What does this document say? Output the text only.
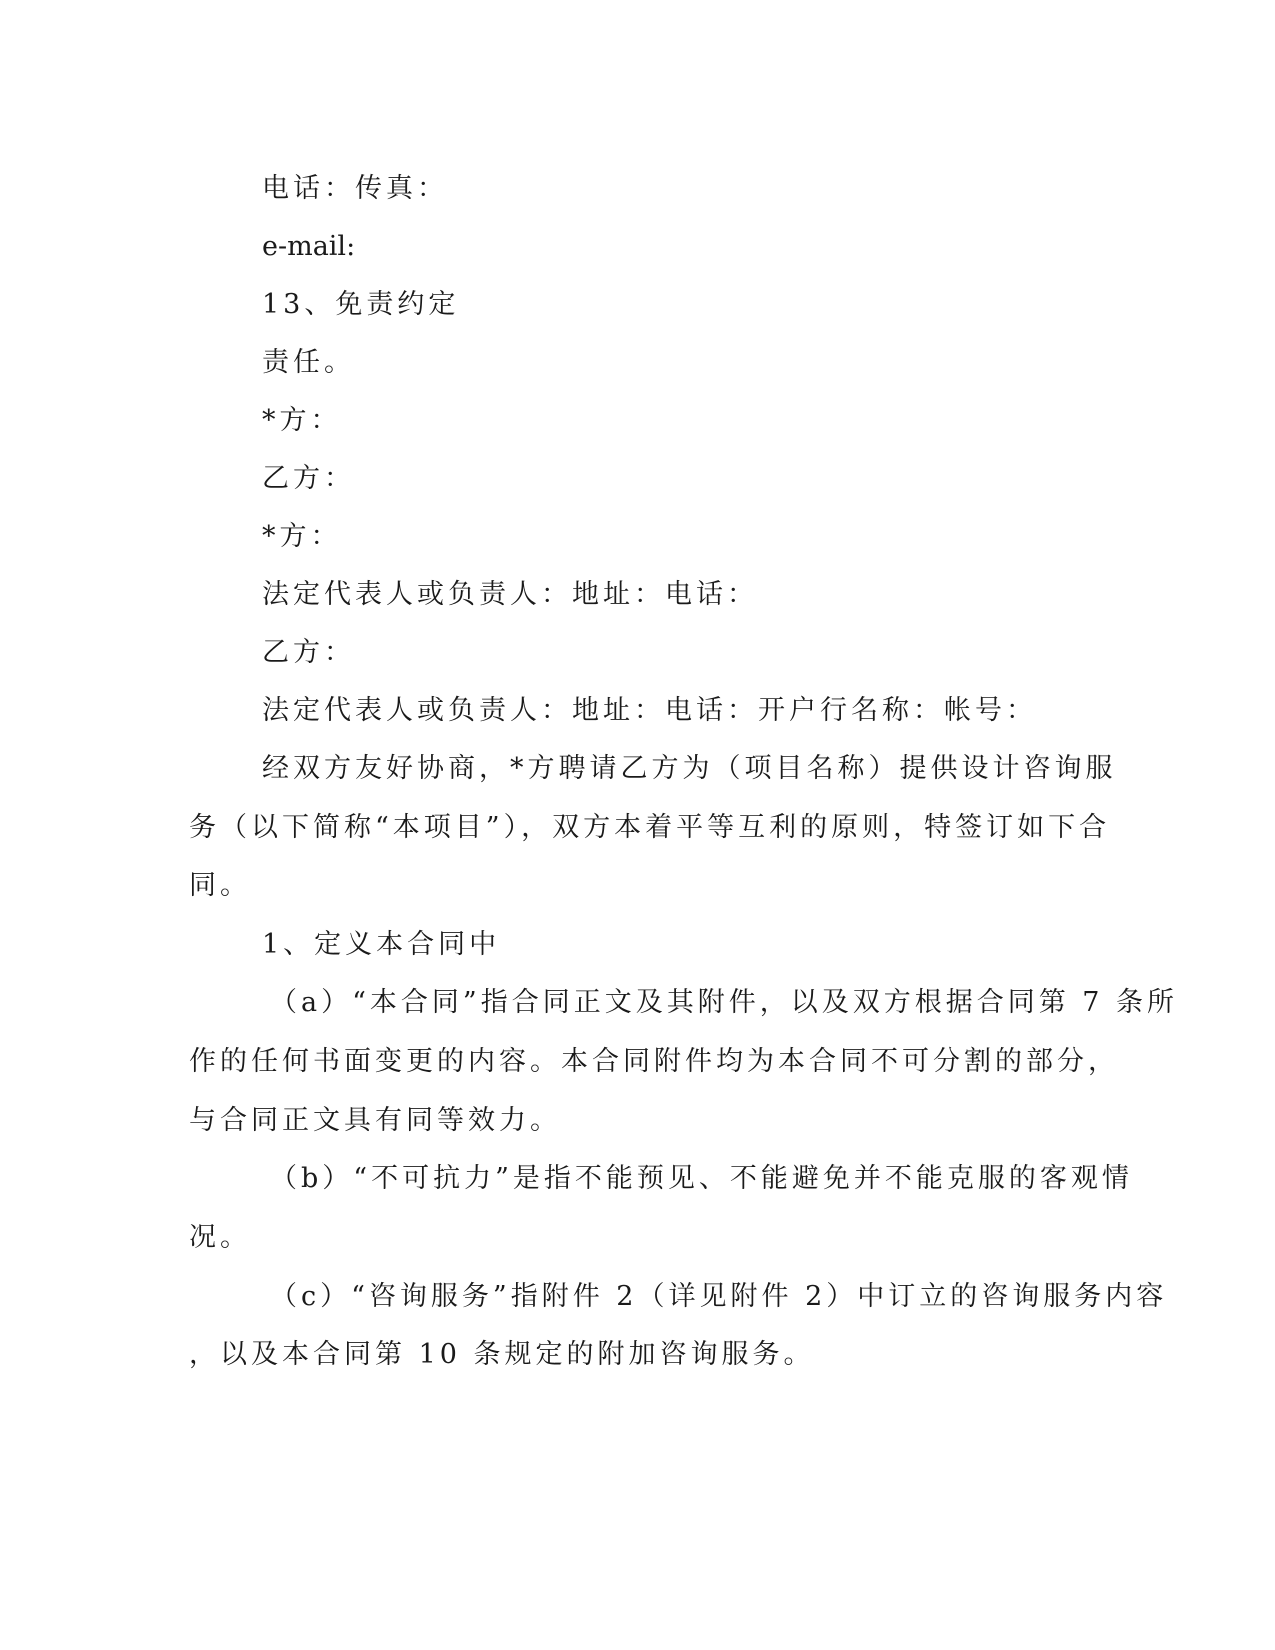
电话：传真：

e-mail:

13、免责约定

责任。

*方：

乙方：

*方：

法定代表人或负责人：地址：电话：

乙方：

法定代表人或负责人：地址：电话：开户行名称：帐号：

经双方友好协商，*方聘请乙方为（项目名称）提供设计咨询服

务（以下简称“本项目”），双方本着平等互利的原则，特签订如下合

同。

1、定义本合同中

（a）“本合同”指合同正文及其附件，以及双方根据合同第 7 条所

作的任何书面变更的内容。本合同附件均为本合同不可分割的部分，

与合同正文具有同等效力。

（b）“不可抗力”是指不能预见、不能避免并不能克服的客观情

况。

（c）“咨询服务”指附件 2（详见附件 2）中订立的咨询服务内容

，以及本合同第 10 条规定的附加咨询服务。
